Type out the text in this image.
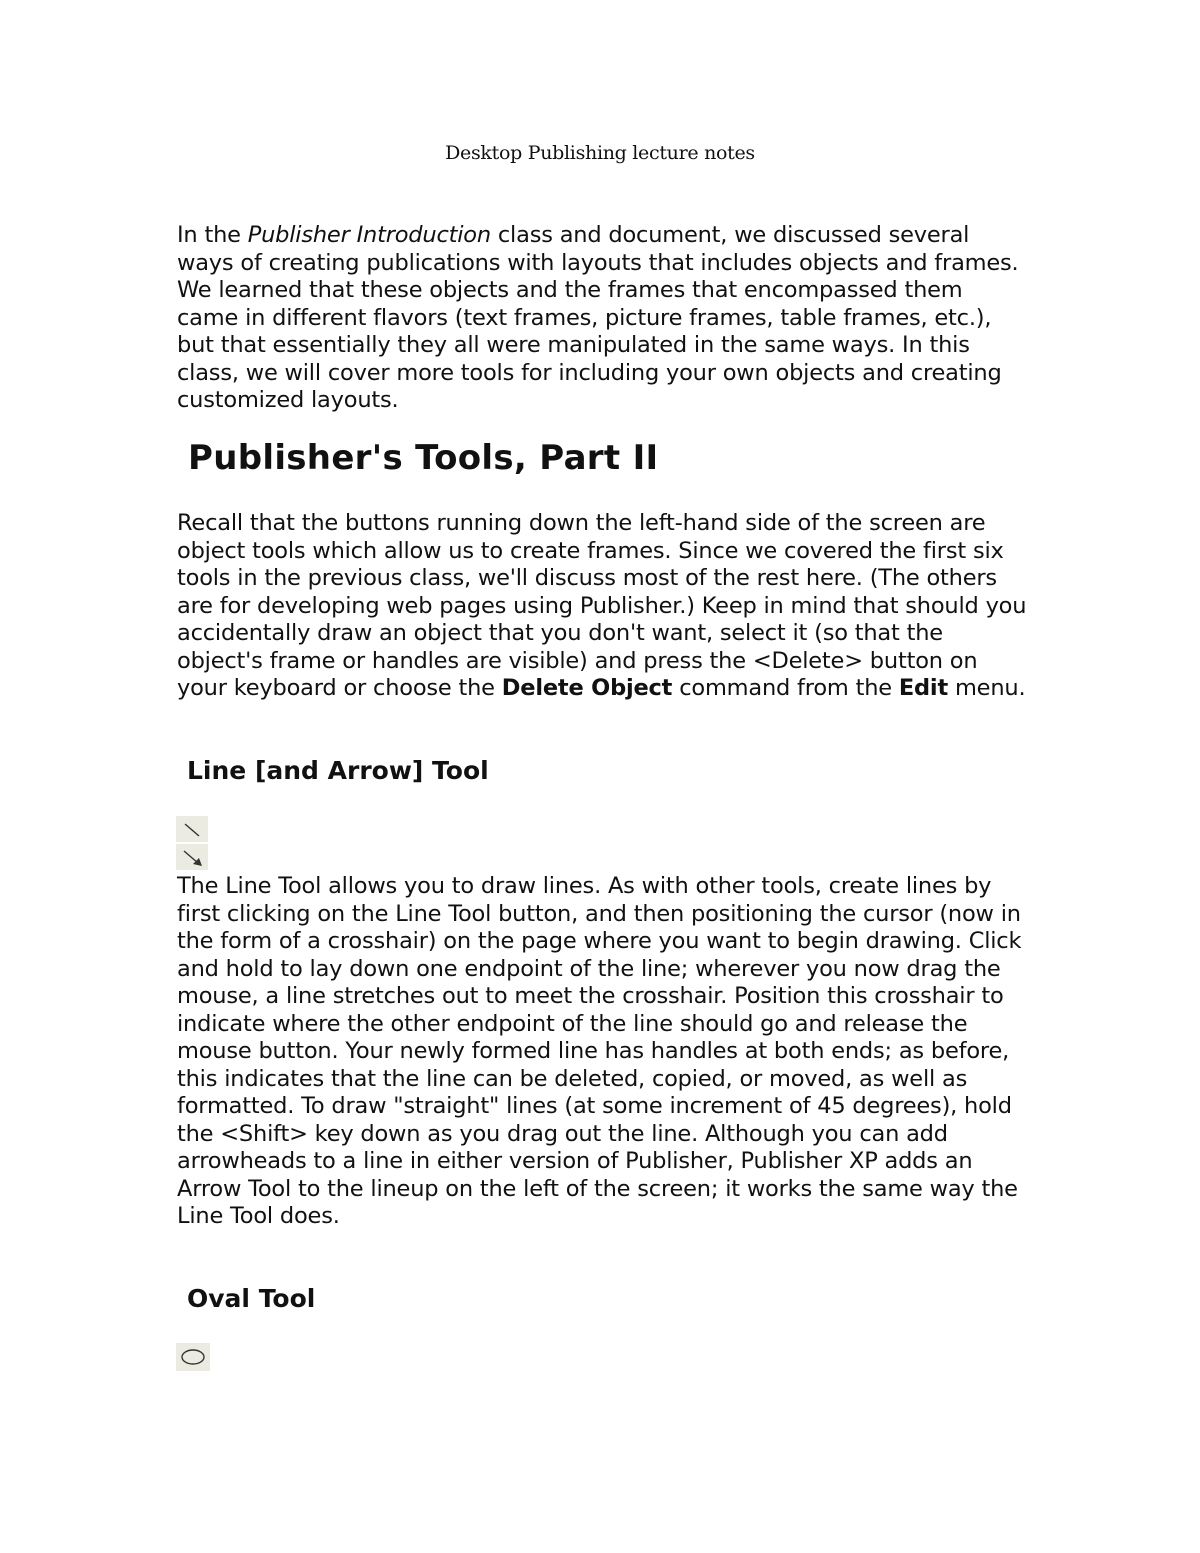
Desktop Publishing lecture notes

In the Publisher Introduction class and document, we discussed several ways of creating publications with layouts that includes objects and frames. We learned that these objects and the frames that encompassed them came in different flavors (text frames, picture frames, table frames, etc.), but that essentially they all were manipulated in the same ways. In this class, we will cover more tools for including your own objects and creating customized layouts.

Publisher's Tools, Part II

Recall that the buttons running down the left-hand side of the screen are object tools which allow us to create frames. Since we covered the first six tools in the previous class, we'll discuss most of the rest here. (The others are for developing web pages using Publisher.) Keep in mind that should you accidentally draw an object that you don't want, select it (so that the object's frame or handles are visible) and press the <Delete> button on your keyboard or choose the Delete Object command from the Edit menu.

Line [and Arrow] Tool

The Line Tool allows you to draw lines. As with other tools, create lines by first clicking on the Line Tool button, and then positioning the cursor (now in the form of a crosshair) on the page where you want to begin drawing. Click and hold to lay down one endpoint of the line; wherever you now drag the mouse, a line stretches out to meet the crosshair. Position this crosshair to indicate where the other endpoint of the line should go and release the mouse button. Your newly formed line has handles at both ends; as before, this indicates that the line can be deleted, copied, or moved, as well as formatted. To draw "straight" lines (at some increment of 45 degrees), hold the <Shift> key down as you drag out the line. Although you can add arrowheads to a line in either version of Publisher, Publisher XP adds an Arrow Tool to the lineup on the left of the screen; it works the same way the Line Tool does.

Oval Tool
